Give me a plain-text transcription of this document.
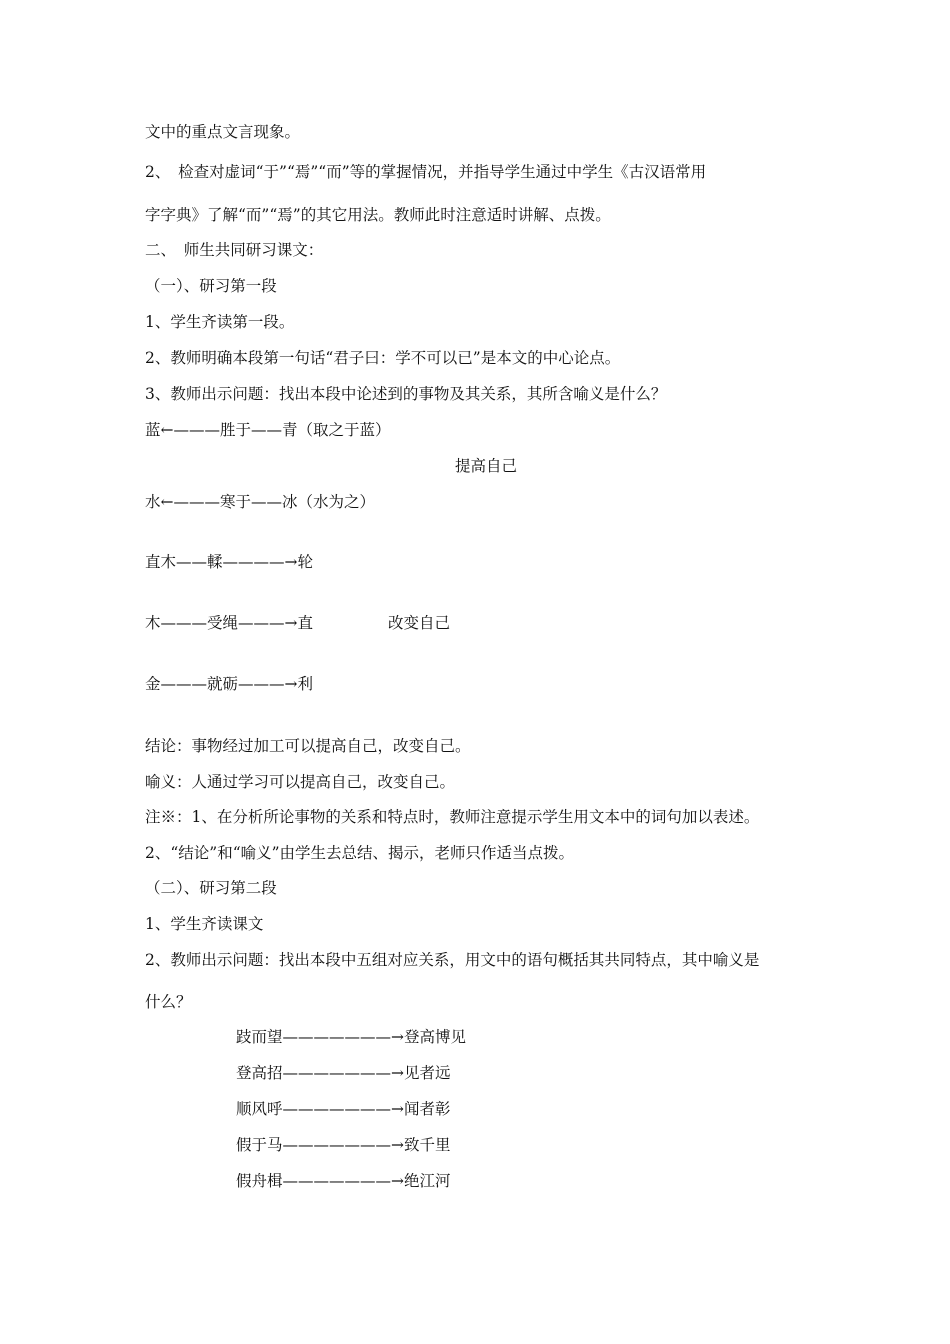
文中的重点文言现象。
2、　检查对虚词“于”“焉”“而”等的掌握情况，并指导学生通过中学生《古汉语常用
字字典》了解“而”“焉”的其它用法。教师此时注意适时讲解、点拨。
二、　师生共同研习课文：
（一）、研习第一段
1、学生齐读第一段。
2、教师明确本段第一句话“君子曰：学不可以已”是本文的中心论点。
3、教师出示问题：找出本段中论述到的事物及其关系，其所含喻义是什么？
蓝←———胜于——青（取之于蓝）
提高自己
水←———寒于——冰（水为之）
直木——輮————→轮
木———受绳———→直	改变自己
金———就砺———→利
结论：事物经过加工可以提高自己，改变自己。
喻义：人通过学习可以提高自己，改变自己。
注※：1、在分析所论事物的关系和特点时，教师注意提示学生用文本中的词句加以表述。
2、“结论”和“喻义”由学生去总结、揭示，老师只作适当点拨。
（二）、研习第二段
1、学生齐读课文
2、教师出示问题：找出本段中五组对应关系，用文中的语句概括其共同特点，其中喻义是
什么？
跂而望———————→登高博见
登高招———————→见者远
顺风呼———————→闻者彰
假于马———————→致千里
假舟楫———————→绝江河
